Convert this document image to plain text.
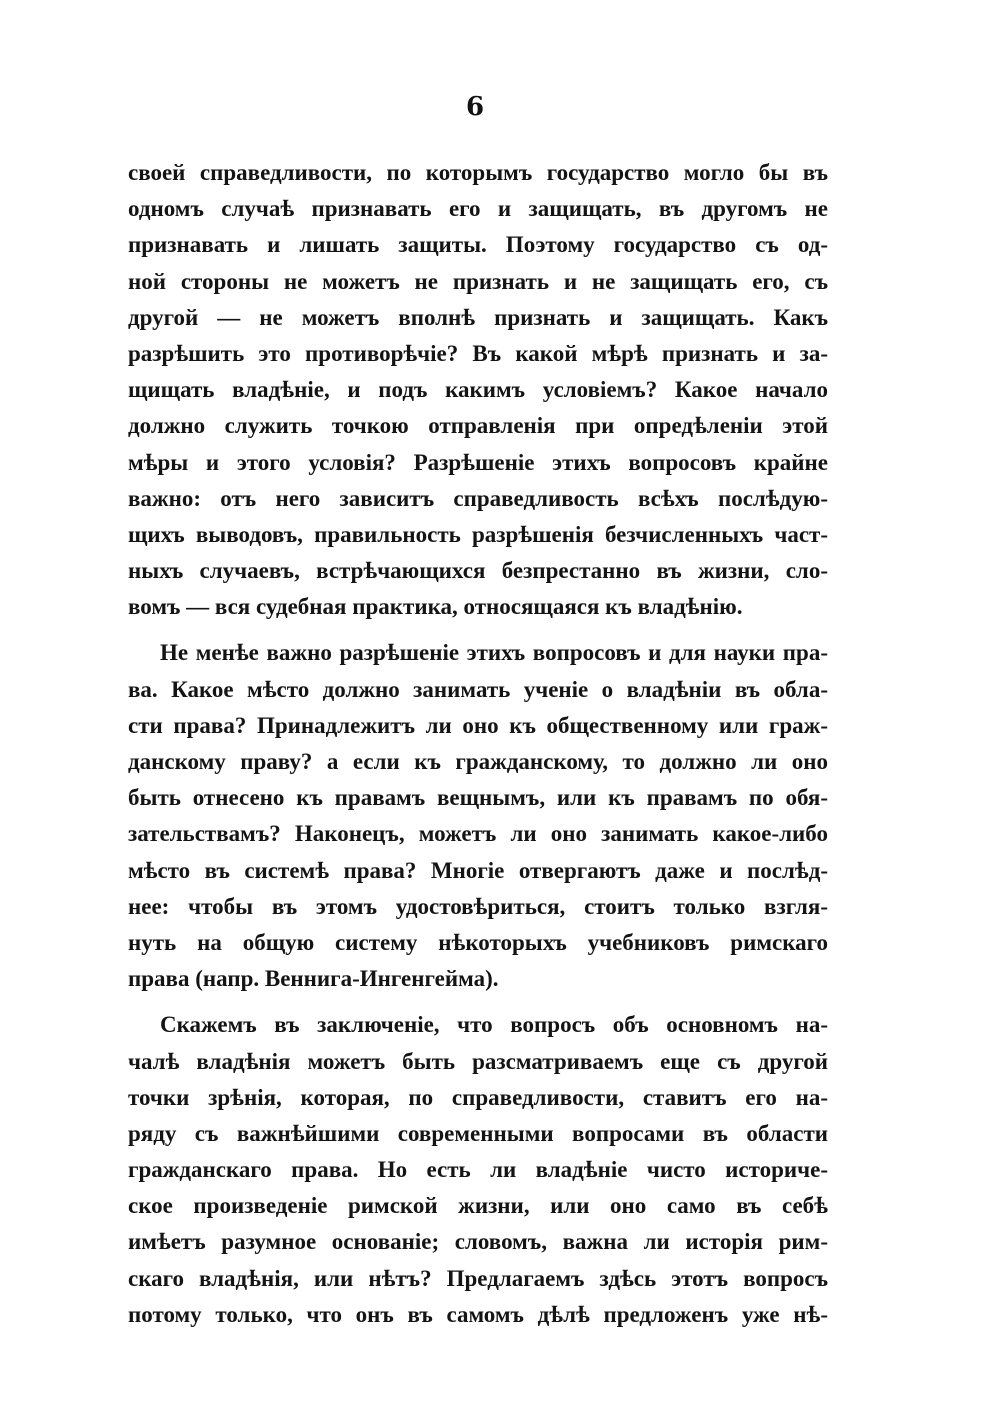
6
своей справедливости, по которымъ государство могло бы въ
одномъ случаѣ признавать его и защищать, въ другомъ не
признавать и лишать защиты. Поэтому государство съ од-
ной стороны не можетъ не признать и не защищать его, съ
другой — не можетъ вполнѣ признать и защищать. Какъ
разрѣшить это противорѣчіе? Въ какой мѣрѣ признать и за-
щищать владѣніе, и подъ какимъ условіемъ? Какое начало
должно служить точкою отправленія при опредѣленіи этой
мѣры и этого условія? Разрѣшеніе этихъ вопросовъ крайне
важно: отъ него зависитъ справедливость всѣхъ послѣдую-
щихъ выводовъ, правильность разрѣшенія безчисленныхъ част-
ныхъ случаевъ, встрѣчающихся безпрестанно въ жизни, сло-
вомъ — вся судебная практика, относящаяся къ владѣнію.
Не менѣе важно разрѣшеніе этихъ вопросовъ и для науки пра-
ва. Какое мѣсто должно занимать ученіе о владѣніи въ обла-
сти права? Принадлежитъ ли оно къ общественному или граж-
данскому праву? а если къ гражданскому, то должно ли оно
быть отнесено къ правамъ вещнымъ, или къ правамъ по обя-
зательствамъ? Наконецъ, можетъ ли оно занимать какое-либо
мѣсто въ системѣ права? Многіе отвергаютъ даже и послѣд-
нее: чтобы въ этомъ удостовѣриться, стоитъ только взгля-
нуть на общую систему нѣкоторыхъ учебниковъ римскаго
права (напр. Веннига-Ингенгейма).
Скажемъ въ заключеніе, что вопросъ объ основномъ на-
чалѣ владѣнія можетъ быть разсматриваемъ еще съ другой
точки зрѣнія, которая, по справедливости, ставитъ его на-
ряду съ важнѣйшими современными вопросами въ области
гражданскаго права. Но есть ли владѣніе чисто историче-
ское произведеніе римской жизни, или оно само въ себѣ
имѣетъ разумное основаніе; словомъ, важна ли исторія рим-
скаго владѣнія, или нѣтъ? Предлагаемъ здѣсь этотъ вопросъ
потому только, что онъ въ самомъ дѣлѣ предложенъ уже нѣ-
